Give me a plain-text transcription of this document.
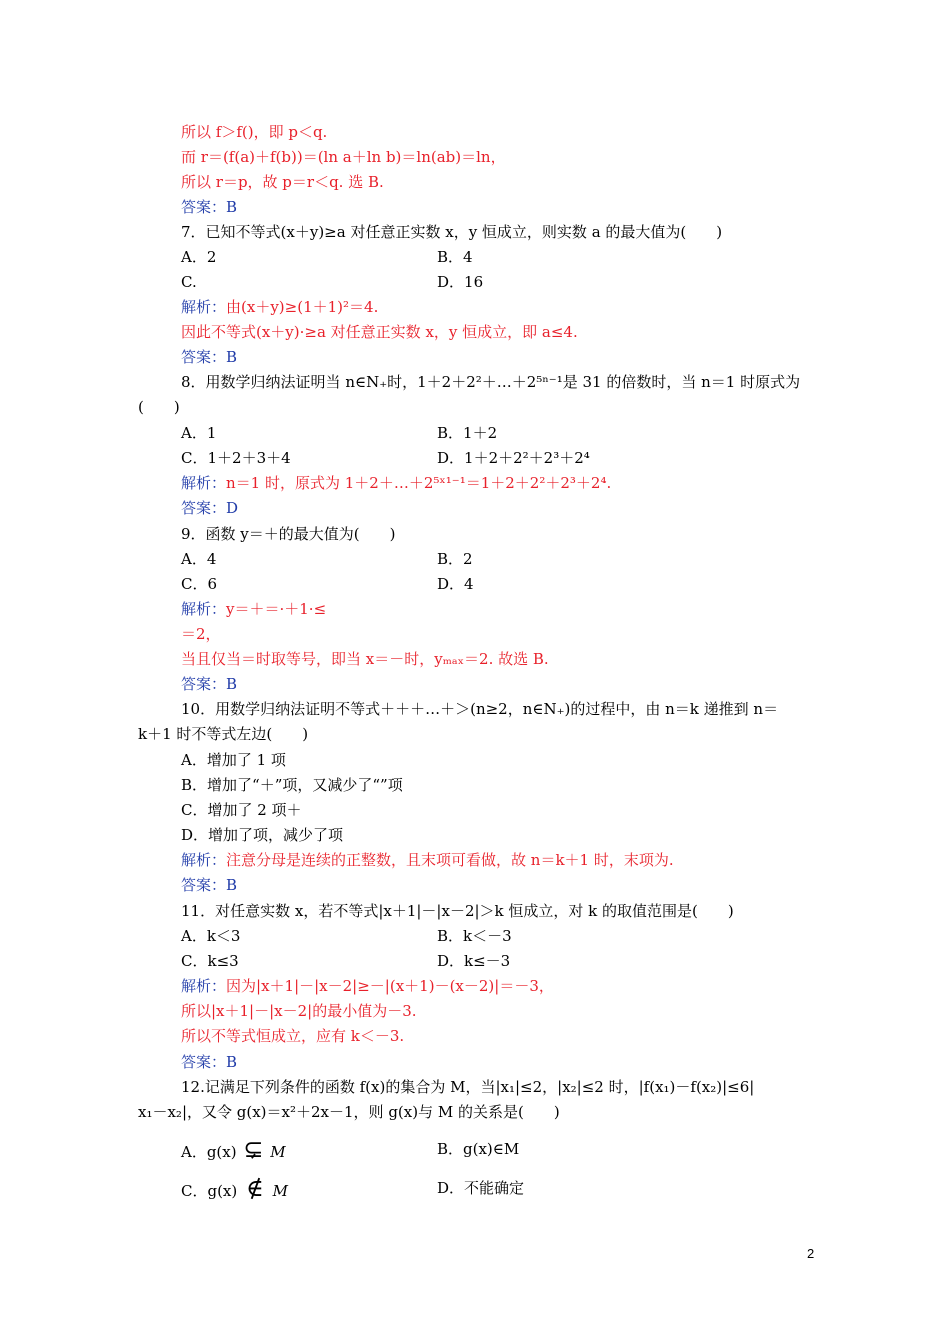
所以 f＞f()，即 p＜q.
而 r＝(f(a)＋f(b))＝(ln a＋ln b)＝ln(ab)＝ln，
所以 r＝p，故 p＝r＜q. 选 B.
答案：B
7．已知不等式(x＋y)≥a 对任意正实数 x，y 恒成立，则实数 a 的最大值为(　　)
A．2	B．4
C.	D．16
解析：由(x＋y)≥(1＋1)²＝4.
因此不等式(x＋y)·≥a 对任意正实数 x，y 恒成立，即 a≤4.
答案：B
8．用数学归纳法证明当 n∈N₊时，1＋2＋2²＋…＋2⁵ⁿ⁻¹是 31 的倍数时，当 n＝1 时原式为
(　　)
A．1	B．1＋2
C．1＋2＋3＋4	D．1＋2＋2²＋2³＋2⁴
解析：n＝1 时，原式为 1＋2＋…＋2⁵ˣ¹⁻¹＝1＋2＋2²＋2³＋2⁴.
答案：D
9．函数 y＝＋的最大值为(　　)
A．4	B．2
C．6	D．4
解析：y＝＋＝·＋1·≤
＝2，
当且仅当＝时取等号，即当 x＝－时，yₘₐₓ＝2. 故选 B.
答案：B
10．用数学归纳法证明不等式＋＋＋…＋＞(n≥2，n∈N₊)的过程中，由 n＝k 递推到 n＝
k＋1 时不等式左边(　　)
A．增加了 1 项
B．增加了“＋”项，又减少了“”项
C．增加了 2 项＋
D．增加了项，减少了项
解析：注意分母是连续的正整数，且末项可看做，故 n＝k＋1 时，末项为.
答案：B
11．对任意实数 x，若不等式|x＋1|－|x－2|＞k 恒成立，对 k 的取值范围是(　　)
A．k＜3	B．k＜－3
C．k≤3	D．k≤－3
解析：因为|x＋1|－|x－2|≥－|(x＋1)－(x－2)|＝－3，
所以|x＋1|－|x－2|的最小值为－3.
所以不等式恒成立，应有 k＜－3.
答案：B
12.记满足下列条件的函数 f(x)的集合为 M，当|x₁|≤2，|x₂|≤2 时，|f(x₁)－f(x₂)|≤6|
x₁－x₂|，又令 g(x)＝x²＋2x－1，则 g(x)与 M 的关系是(　　)
A．g(x) ⊊ M	B．g(x)∈M
C．g(x) ∉ M	D．不能确定
2
